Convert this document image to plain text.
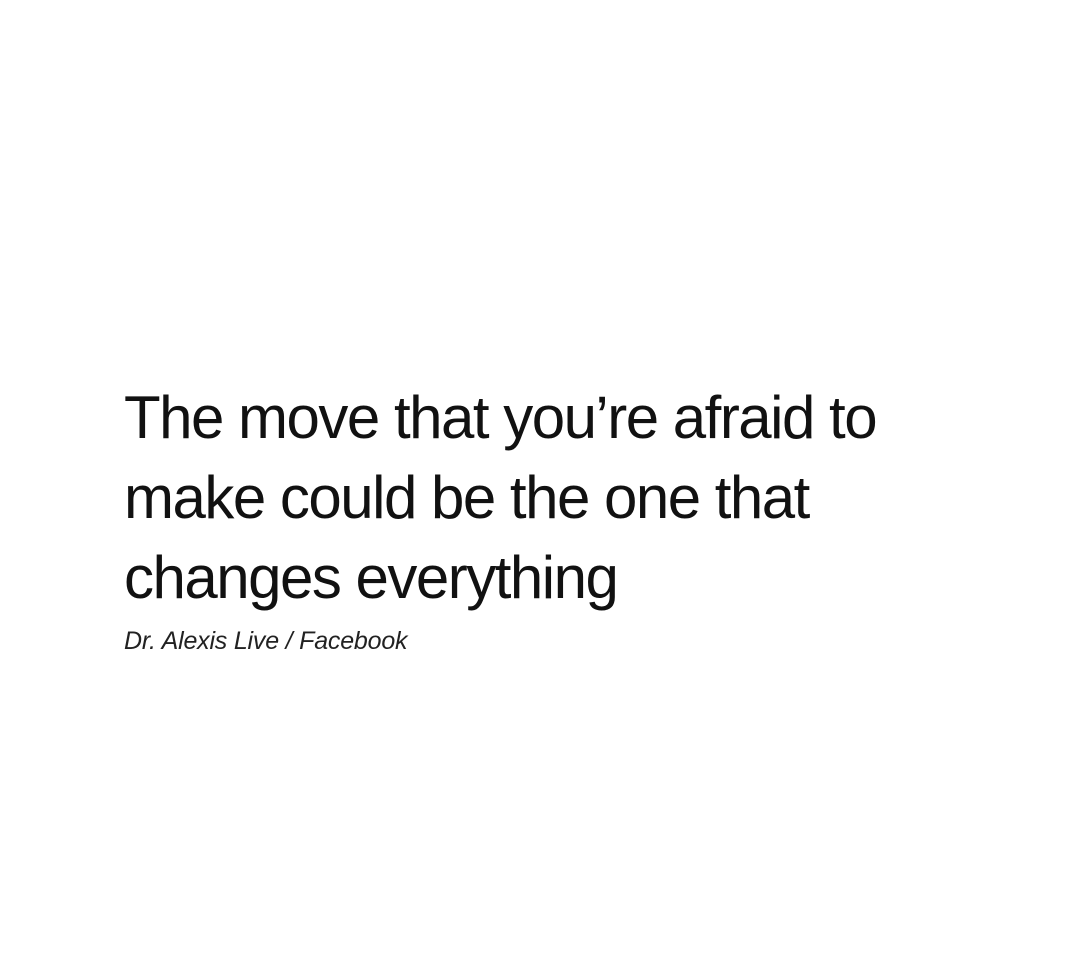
The move that you’re afraid to
make could be the one that
changes everything
Dr. Alexis Live / Facebook
